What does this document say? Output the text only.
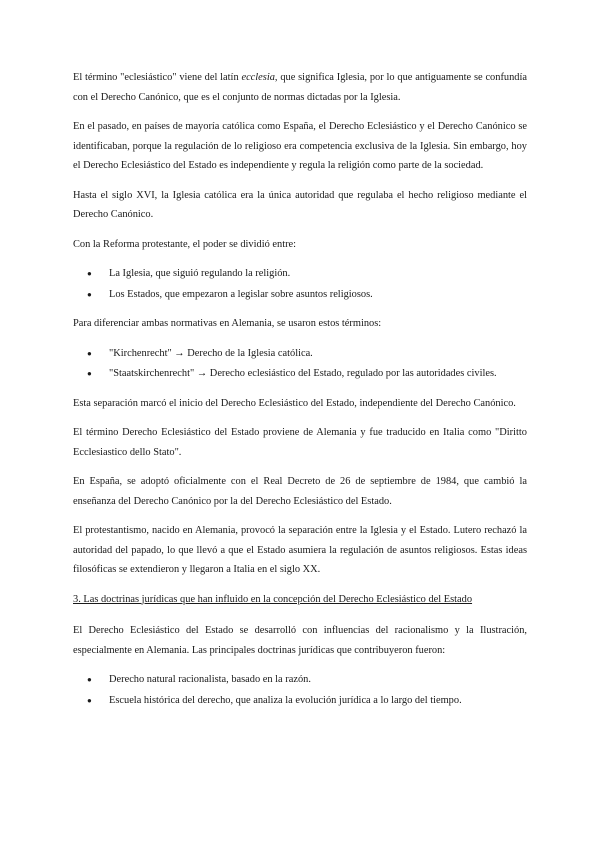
El término "eclesiástico" viene del latín ecclesia, que significa Iglesia, por lo que antiguamente se confundía con el Derecho Canónico, que es el conjunto de normas dictadas por la Iglesia.

En el pasado, en países de mayoría católica como España, el Derecho Eclesiástico y el Derecho Canónico se identificaban, porque la regulación de lo religioso era competencia exclusiva de la Iglesia. Sin embargo, hoy el Derecho Eclesiástico del Estado es independiente y regula la religión como parte de la sociedad.

Hasta el siglo XVI, la Iglesia católica era la única autoridad que regulaba el hecho religioso mediante el Derecho Canónico.

Con la Reforma protestante, el poder se dividió entre:

● La Iglesia, que siguió regulando la religión.
● Los Estados, que empezaron a legislar sobre asuntos religiosos.

Para diferenciar ambas normativas en Alemania, se usaron estos términos:

● "Kirchenrecht" → Derecho de la Iglesia católica.
● "Staatskirchenrecht" → Derecho eclesiástico del Estado, regulado por las autoridades civiles.

Esta separación marcó el inicio del Derecho Eclesiástico del Estado, independiente del Derecho Canónico.

El término Derecho Eclesiástico del Estado proviene de Alemania y fue traducido en Italia como "Diritto Ecclesiastico dello Stato".

En España, se adoptó oficialmente con el Real Decreto de 26 de septiembre de 1984, que cambió la enseñanza del Derecho Canónico por la del Derecho Eclesiástico del Estado.

El protestantismo, nacido en Alemania, provocó la separación entre la Iglesia y el Estado. Lutero rechazó la autoridad del papado, lo que llevó a que el Estado asumiera la regulación de asuntos religiosos. Estas ideas filosóficas se extendieron y llegaron a Italia en el siglo XX.

3. Las doctrinas jurídicas que han influido en la concepción del Derecho Eclesiástico del Estado

El Derecho Eclesiástico del Estado se desarrolló con influencias del racionalismo y la Ilustración, especialmente en Alemania. Las principales doctrinas jurídicas que contribuyeron fueron:

● Derecho natural racionalista, basado en la razón.
● Escuela histórica del derecho, que analiza la evolución jurídica a lo largo del tiempo.
